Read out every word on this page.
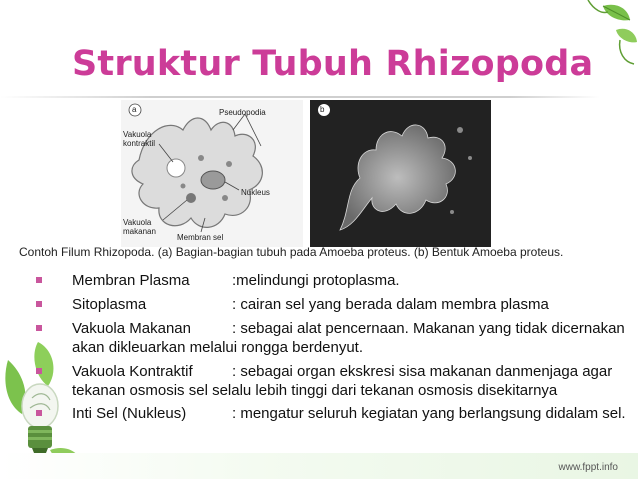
Struktur Tubuh Rhizopoda
a	Pseudopodia
Vakuola kontraktil
Nukleus
Vakuola makanan
Membran sel
b
Contoh Filum Rhizopoda. (a) Bagian-bagian tubuh pada Amoeba proteus. (b) Bentuk Amoeba proteus.
Membran Plasma	:melindungi protoplasma.
Sitoplasma	: cairan sel yang berada dalam membra plasma
Vakuola Makanan	: sebagai alat pencernaan. Makanan yang tidak dicernakan
akan dikleuarkan melalui rongga berdenyut.
Vakuola Kontraktif	: sebagai organ ekskresi sisa makanan danmenjaga agar
tekanan osmosis sel selalu lebih tinggi dari tekanan osmosis disekitarnya
Inti Sel (Nukleus)	: mengatur seluruh kegiatan yang berlangsung didalam sel.
www.fppt.info
